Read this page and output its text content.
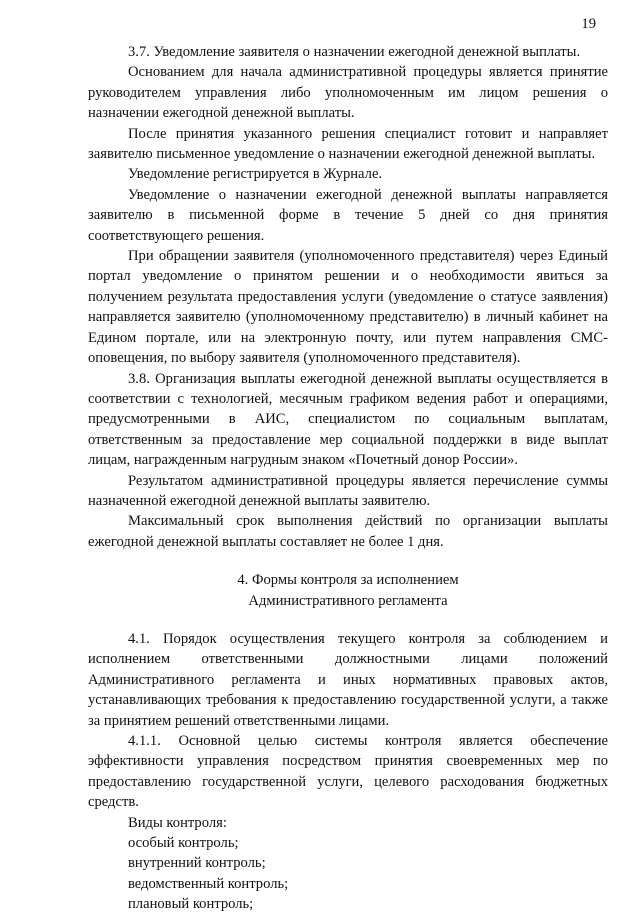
19

3.7. Уведомление заявителя о назначении ежегодной денежной выплаты.

Основанием для начала административной процедуры является принятие руководителем управления либо уполномоченным им лицом решения о назначении ежегодной денежной выплаты.

После принятия указанного решения специалист готовит и направляет заявителю письменное уведомление о назначении ежегодной денежной выплаты.

Уведомление регистрируется в Журнале.

Уведомление о назначении ежегодной денежной выплаты направляется заявителю в письменной форме в течение 5 дней со дня принятия соответствующего решения.

При обращении заявителя (уполномоченного представителя) через Единый портал уведомление о принятом решении и о необходимости явиться за получением результата предоставления услуги (уведомление о статусе заявления) направляется заявителю (уполномоченному представителю) в личный кабинет на Едином портале, или на электронную почту, или путем направления СМС-оповещения, по выбору заявителя (уполномоченного представителя).

3.8. Организация выплаты ежегодной денежной выплаты осуществляется в соответствии с технологией, месячным графиком ведения работ и операциями, предусмотренными в АИС, специалистом по социальным выплатам, ответственным за предоставление мер социальной поддержки в виде выплат лицам, награжденным нагрудным знаком «Почетный донор России».

Результатом административной процедуры является перечисление суммы назначенной ежегодной денежной выплаты заявителю.

Максимальный срок выполнения действий по организации выплаты ежегодной денежной выплаты составляет не более 1 дня.

4. Формы контроля за исполнением
Административного регламента

4.1. Порядок осуществления текущего контроля за соблюдением и исполнением ответственными должностными лицами положений Административного регламента и иных нормативных правовых актов, устанавливающих требования к предоставлению государственной услуги, а также за принятием решений ответственными лицами.

4.1.1. Основной целью системы контроля является обеспечение эффективности управления посредством принятия своевременных мер по предоставлению государственной услуги, целевого расходования бюджетных средств.

Виды контроля:
особый контроль;
внутренний контроль;
ведомственный контроль;
плановый контроль;
